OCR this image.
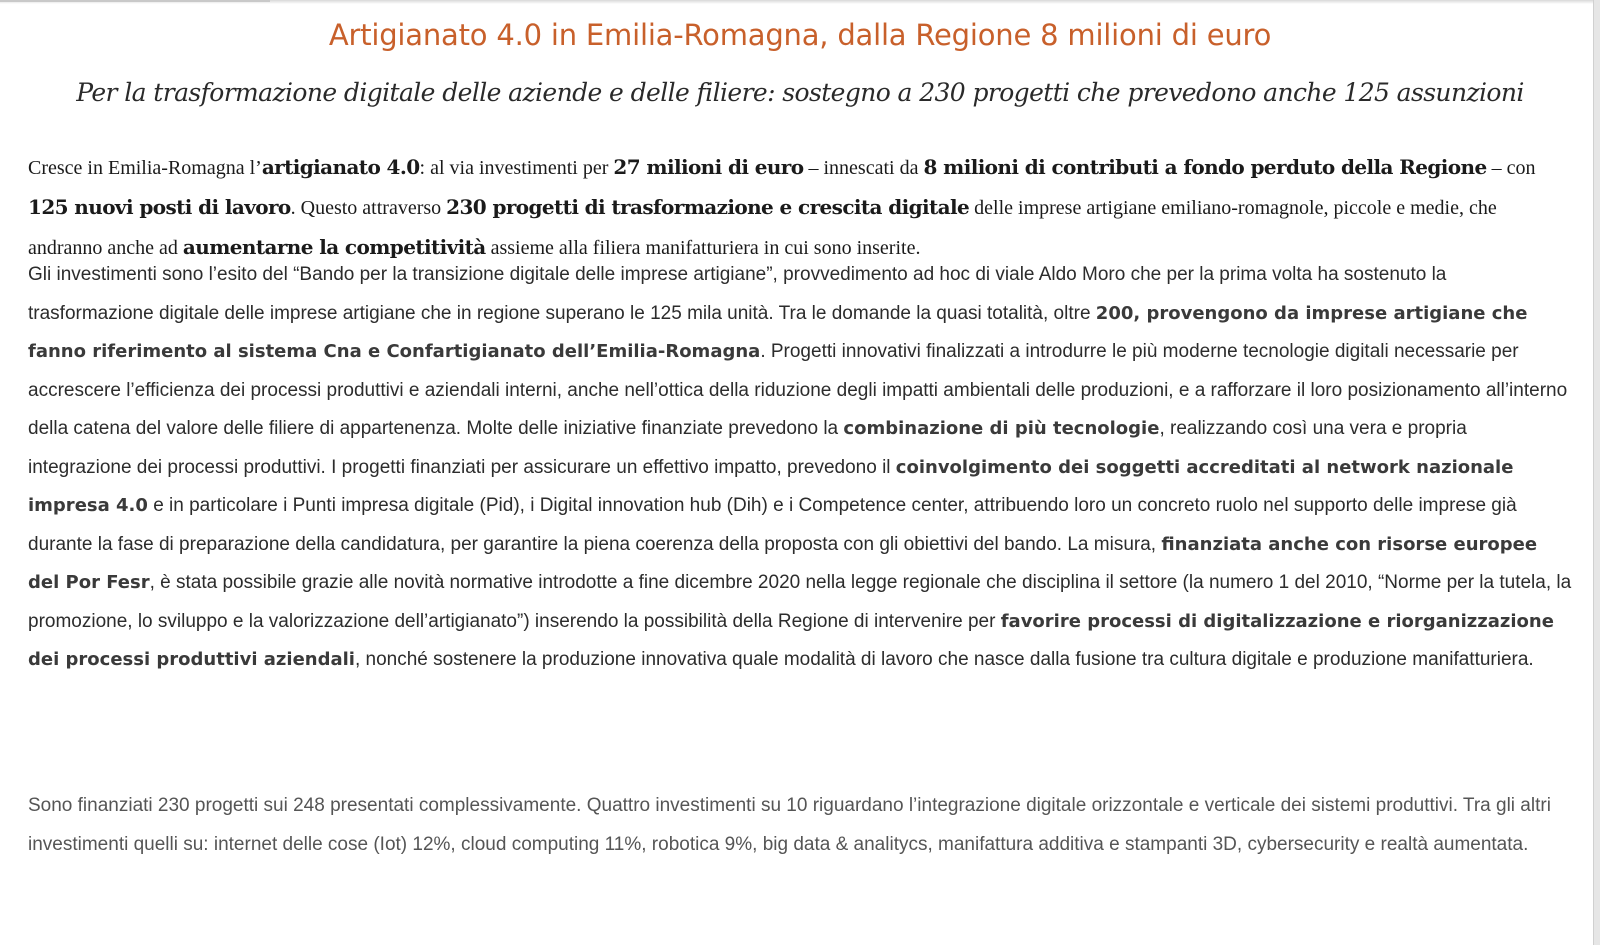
Artigianato 4.0 in Emilia-Romagna, dalla Regione 8 milioni di euro
Per la trasformazione digitale delle aziende e delle filiere: sostegno a 230 progetti che prevedono anche 125 assunzioni

Cresce in Emilia-Romagna l’artigianato 4.0: al via investimenti per 27 milioni di euro – innescati da 8 milioni di contributi a fondo perduto della Regione – con 125 nuovi posti di lavoro. Questo attraverso 230 progetti di trasformazione e crescita digitale delle imprese artigiane emiliano-romagnole, piccole e medie, che andranno anche ad aumentarne la competitività assieme alla filiera manifatturiera in cui sono inserite.

Gli investimenti sono l’esito del “Bando per la transizione digitale delle imprese artigiane”, provvedimento ad hoc di viale Aldo Moro che per la prima volta ha sostenuto la trasformazione digitale delle imprese artigiane che in regione superano le 125 mila unità. Tra le domande la quasi totalità, oltre 200, provengono da imprese artigiane che fanno riferimento al sistema Cna e Confartigianato dell’Emilia-Romagna. Progetti innovativi finalizzati a introdurre le più moderne tecnologie digitali necessarie per accrescere l’efficienza dei processi produttivi e aziendali interni, anche nell’ottica della riduzione degli impatti ambientali delle produzioni, e a rafforzare il loro posizionamento all’interno della catena del valore delle filiere di appartenenza. Molte delle iniziative finanziate prevedono la combinazione di più tecnologie, realizzando così una vera e propria integrazione dei processi produttivi. I progetti finanziati per assicurare un effettivo impatto, prevedono il coinvolgimento dei soggetti accreditati al network nazionale impresa 4.0 e in particolare i Punti impresa digitale (Pid), i Digital innovation hub (Dih) e i Competence center, attribuendo loro un concreto ruolo nel supporto delle imprese già durante la fase di preparazione della candidatura, per garantire la piena coerenza della proposta con gli obiettivi del bando. La misura, finanziata anche con risorse europee del Por Fesr, è stata possibile grazie alle novità normative introdotte a fine dicembre 2020 nella legge regionale che disciplina il settore (la numero 1 del 2010, “Norme per la tutela, la promozione, lo sviluppo e la valorizzazione dell’artigianato”) inserendo la possibilità della Regione di intervenire per favorire processi di digitalizzazione e riorganizzazione dei processi produttivi aziendali, nonché sostenere la produzione innovativa quale modalità di lavoro che nasce dalla fusione tra cultura digitale e produzione manifatturiera.

Sono finanziati 230 progetti sui 248 presentati complessivamente. Quattro investimenti su 10 riguardano l’integrazione digitale orizzontale e verticale dei sistemi produttivi. Tra gli altri investimenti quelli su: internet delle cose (Iot) 12%, cloud computing 11%, robotica 9%, big data & analitycs, manifattura additiva e stampanti 3D, cybersecurity e realtà aumentata.
